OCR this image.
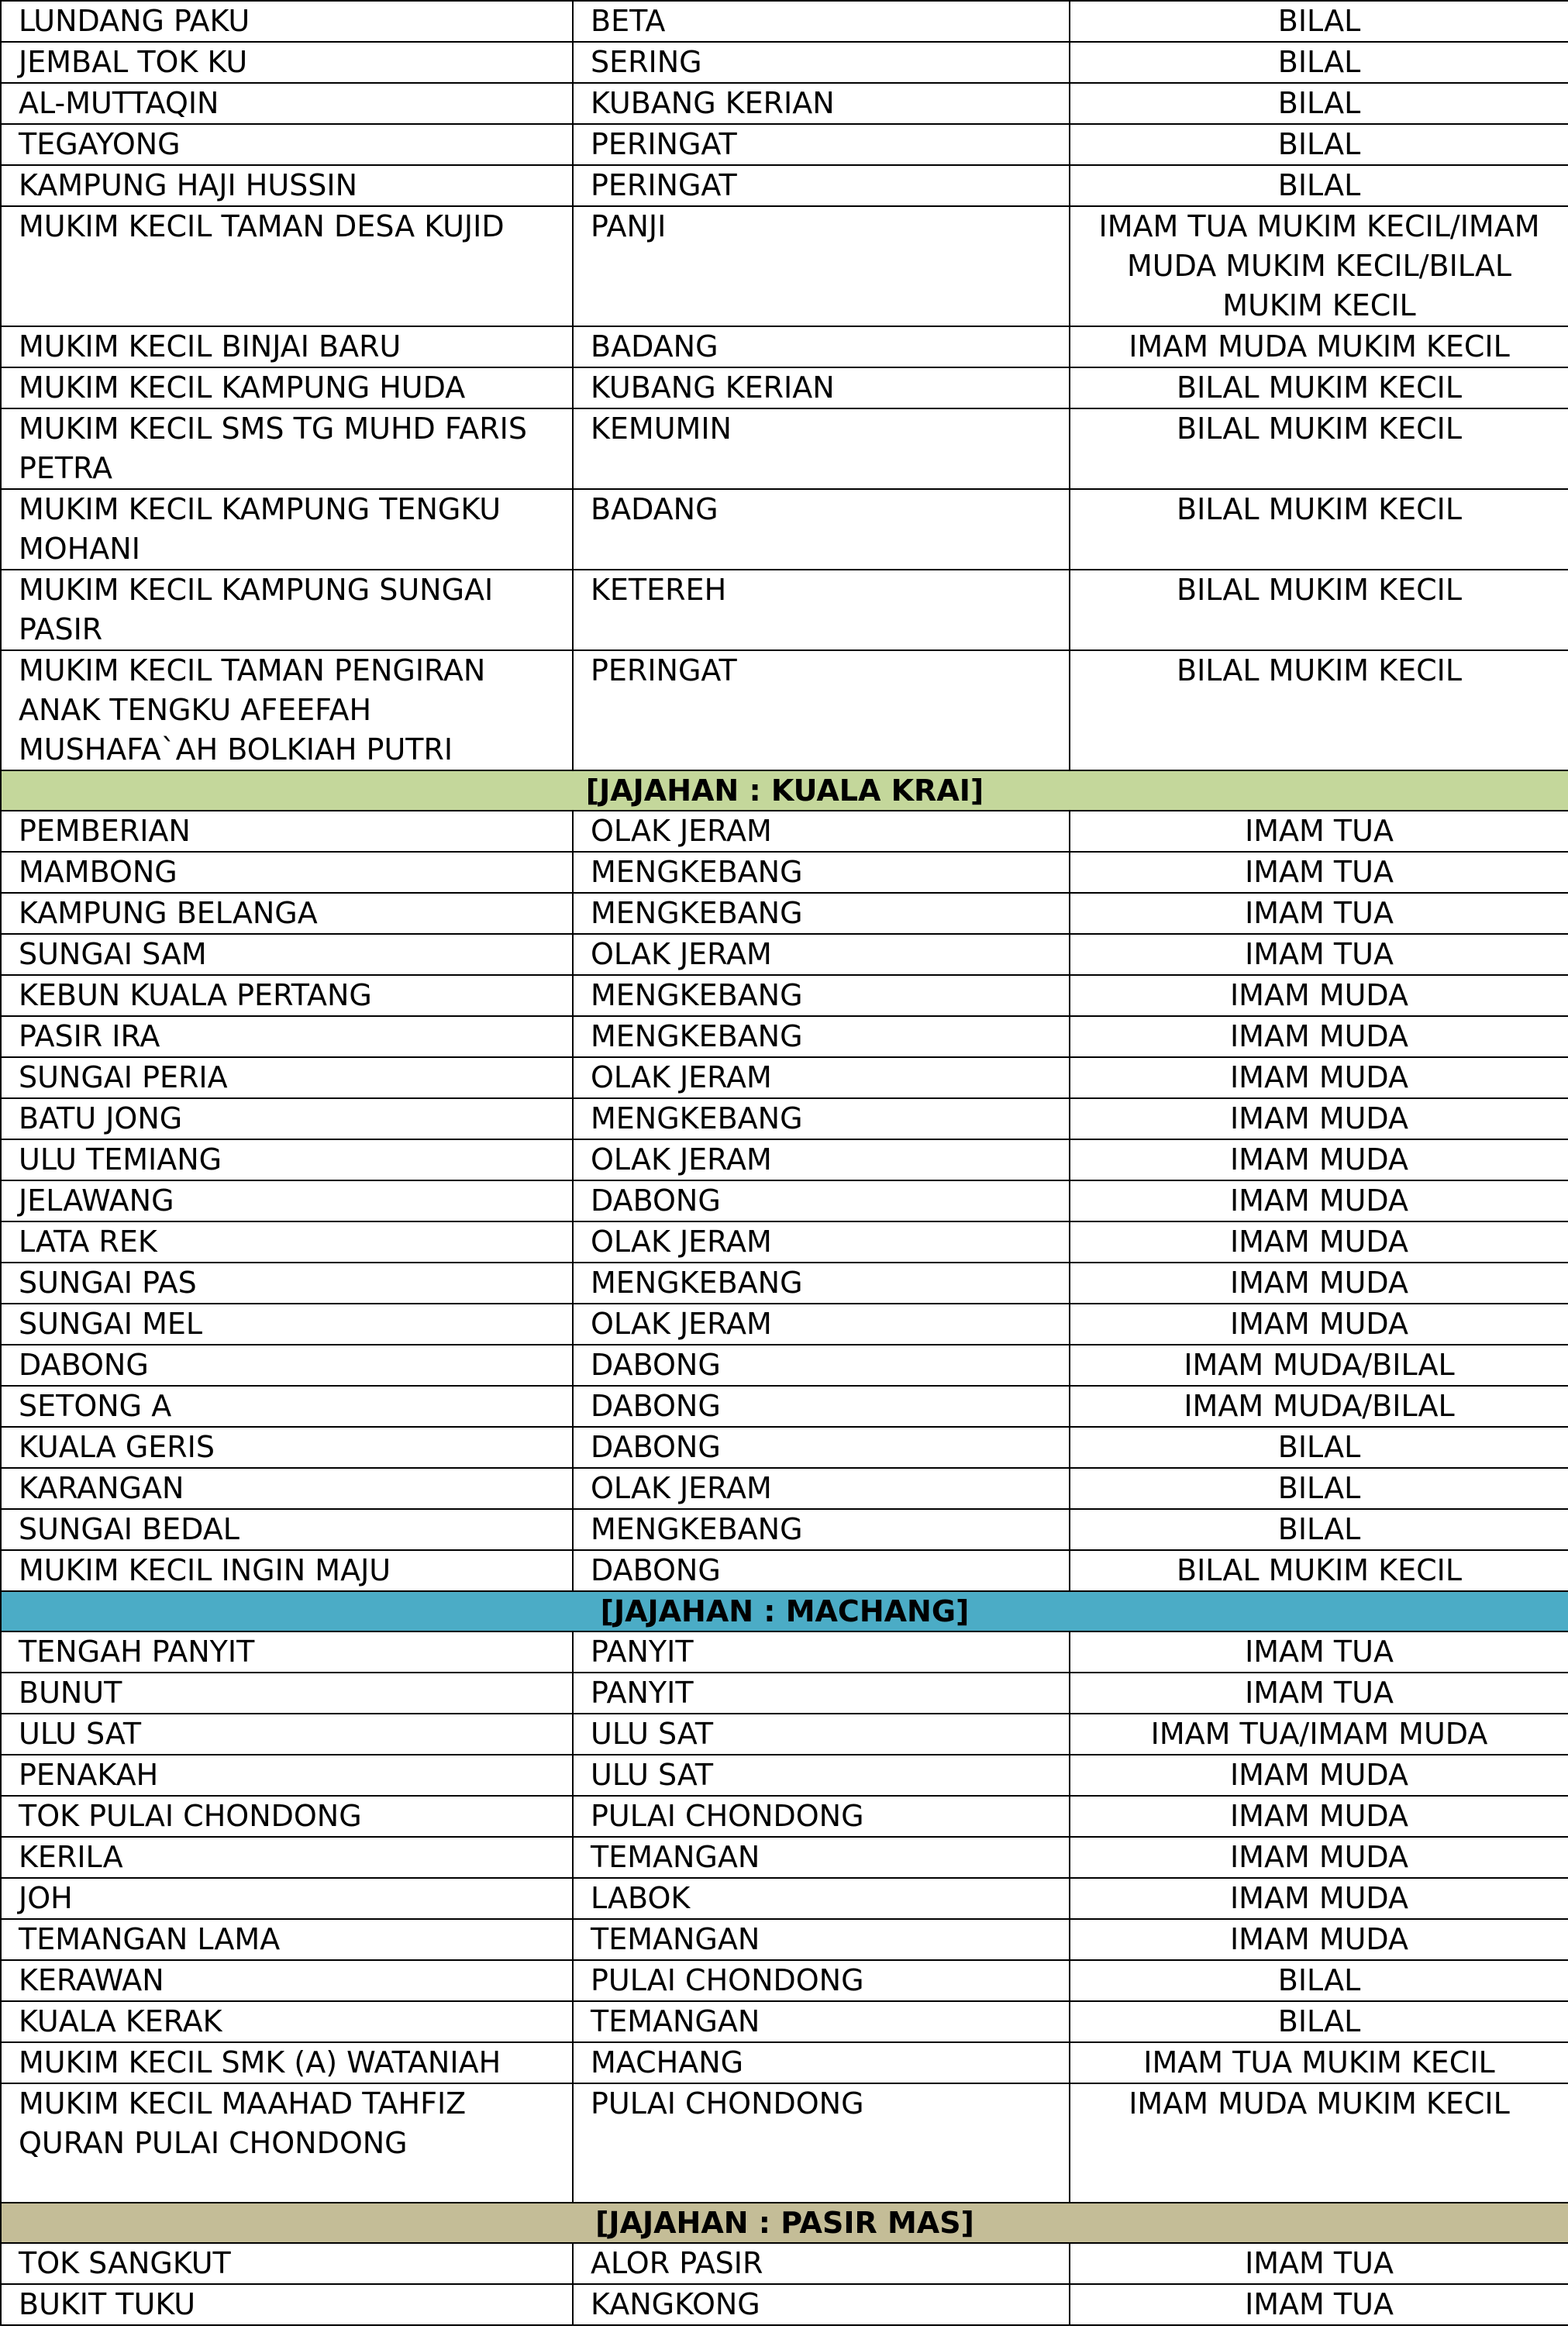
LUNDANG PAKU	BETA	BILAL
JEMBAL TOK KU	SERING	BILAL
AL-MUTTAQIN	KUBANG KERIAN	BILAL
TEGAYONG	PERINGAT	BILAL
KAMPUNG HAJI HUSSIN	PERINGAT	BILAL
MUKIM KECIL TAMAN DESA KUJID	PANJI	IMAM TUA MUKIM KECIL/IMAM MUDA MUKIM KECIL/BILAL MUKIM KECIL
MUKIM KECIL BINJAI BARU	BADANG	IMAM MUDA MUKIM KECIL
MUKIM KECIL KAMPUNG HUDA	KUBANG KERIAN	BILAL MUKIM KECIL
MUKIM KECIL SMS TG MUHD FARIS PETRA	KEMUMIN	BILAL MUKIM KECIL
MUKIM KECIL KAMPUNG TENGKU MOHANI	BADANG	BILAL MUKIM KECIL
MUKIM KECIL KAMPUNG SUNGAI PASIR	KETEREH	BILAL MUKIM KECIL
MUKIM KECIL TAMAN PENGIRAN ANAK TENGKU AFEEFAH MUSHAFA`AH BOLKIAH PUTRI	PERINGAT	BILAL MUKIM KECIL
[JAJAHAN : KUALA KRAI]		
PEMBERIAN	OLAK JERAM	IMAM TUA
MAMBONG	MENGKEBANG	IMAM TUA
KAMPUNG BELANGA	MENGKEBANG	IMAM TUA
SUNGAI SAM	OLAK JERAM	IMAM TUA
KEBUN KUALA PERTANG	MENGKEBANG	IMAM MUDA
PASIR IRA	MENGKEBANG	IMAM MUDA
SUNGAI PERIA	OLAK JERAM	IMAM MUDA
BATU JONG	MENGKEBANG	IMAM MUDA
ULU TEMIANG	OLAK JERAM	IMAM MUDA
JELAWANG	DABONG	IMAM MUDA
LATA REK	OLAK JERAM	IMAM MUDA
SUNGAI PAS	MENGKEBANG	IMAM MUDA
SUNGAI MEL	OLAK JERAM	IMAM MUDA
DABONG	DABONG	IMAM MUDA/BILAL
SETONG A	DABONG	IMAM MUDA/BILAL
KUALA GERIS	DABONG	BILAL
KARANGAN	OLAK JERAM	BILAL
SUNGAI BEDAL	MENGKEBANG	BILAL
MUKIM KECIL INGIN MAJU	DABONG	BILAL MUKIM KECIL
[JAJAHAN : MACHANG]		
TENGAH PANYIT	PANYIT	IMAM TUA
BUNUT	PANYIT	IMAM TUA
ULU SAT	ULU SAT	IMAM TUA/IMAM MUDA
PENAKAH	ULU SAT	IMAM MUDA
TOK PULAI CHONDONG	PULAI CHONDONG	IMAM MUDA
KERILA	TEMANGAN	IMAM MUDA
JOH	LABOK	IMAM MUDA
TEMANGAN LAMA	TEMANGAN	IMAM MUDA
KERAWAN	PULAI CHONDONG	BILAL
KUALA KERAK	TEMANGAN	BILAL
MUKIM KECIL SMK (A) WATANIAH	MACHANG	IMAM TUA MUKIM KECIL
MUKIM KECIL MAAHAD TAHFIZ QURAN PULAI CHONDONG	PULAI CHONDONG	IMAM MUDA MUKIM KECIL
[JAJAHAN : PASIR MAS]		
TOK SANGKUT	ALOR PASIR	IMAM TUA
BUKIT TUKU	KANGKONG	IMAM TUA
